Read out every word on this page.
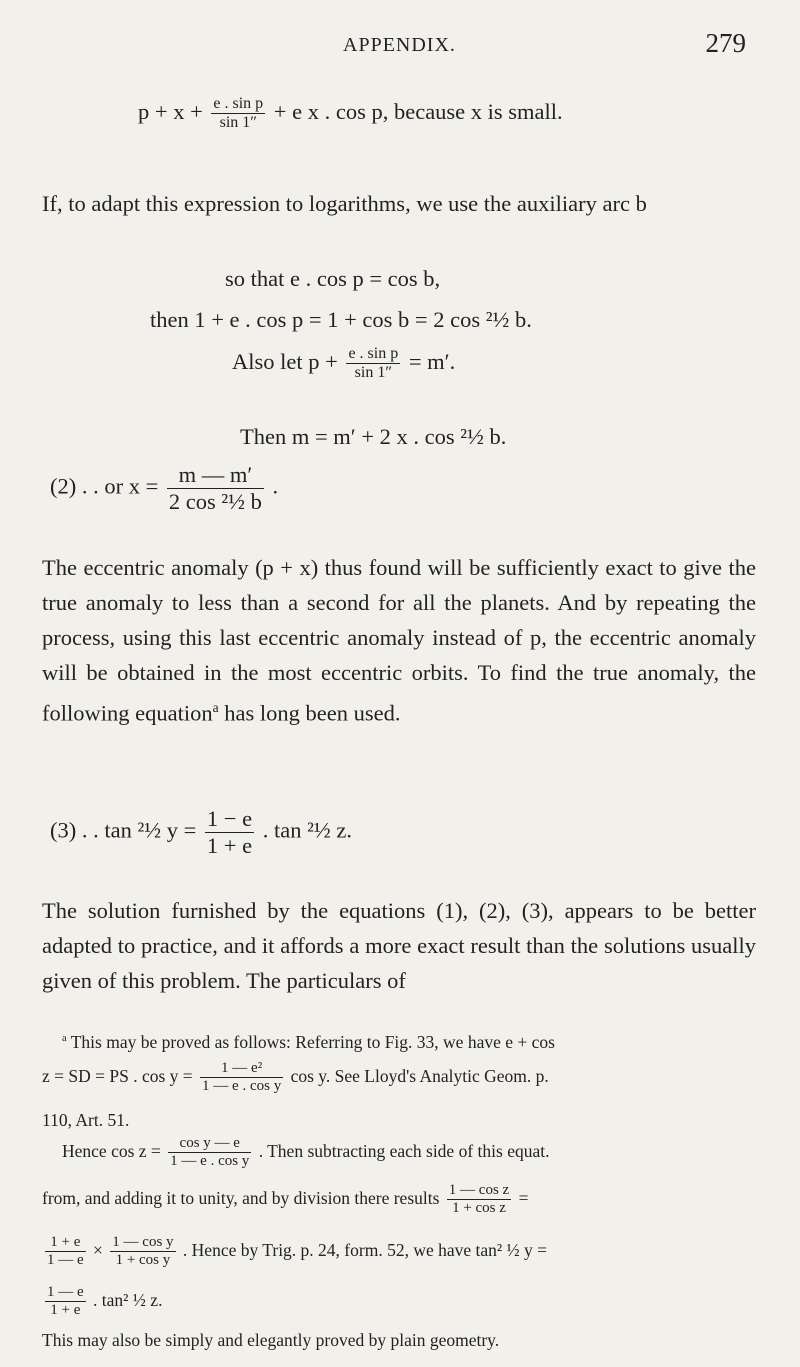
APPENDIX.	279
$p + x + \frac{\text{e . sin p}}{\sin 1''} + e$ x . cos p, because x is small.
If, to adapt this expression to logarithms, we use the auxiliary arc b
so that e . cos p = cos b,
then 1 + e . cos p = 1 + cos b = 2 cos ²½ b.
Also let $p + \frac{\text{e . sin p}}{\sin 1''} = m'$.
Then m = m′ + 2 x . cos ²½ b.
(2) . . or $x = \frac{m — m'}{\text{2 cos ²½ b}}$ .
The eccentric anomaly (p + x) thus found will be sufficiently exact to give the true anomaly to less than a second for all the planets. And by repeating the process, using this last eccentric anomaly instead of p, the eccentric anomaly will be obtained in the most eccentric orbits. To find the true anomaly, the following equation$^a$ has long been used.
(3) . . tan ²½ $y = \frac{1 - e}{1 + e}$ . tan ²½ z.
The solution furnished by the equations (1), (2), (3), appears to be better adapted to practice, and it affords a more exact result than the solutions usually given of this problem. The particulars of
$^a$ This may be proved as follows: Referring to Fig. 33, we have e + cos
z = SD = PS . $\cos y = \frac{\text{1 — e²}}{\text{1 — e . cos y}}$ cos y. See Lloyd's Analytic Geom. p.
110, Art. 51.
Hence $\cos z = \frac{\text{cos y — e}}{\text{1 — e . cos y}}$ . Then subtracting each side of this equat.
from, and adding it to unity, and by division there results $\frac{\text{1 — cos z}}{\text{1 + cos z}}$ =
$\frac{1 + e}{1 — e} \times \frac{\text{1 — cos y}}{\text{1 + cos y}}$ . Hence by Trig. p. 24, form. 52, we have tan² ½ y =
$\frac{1 — e}{1 + e}$ . tan² ½ z.
This may also be simply and elegantly proved by plain geometry.
